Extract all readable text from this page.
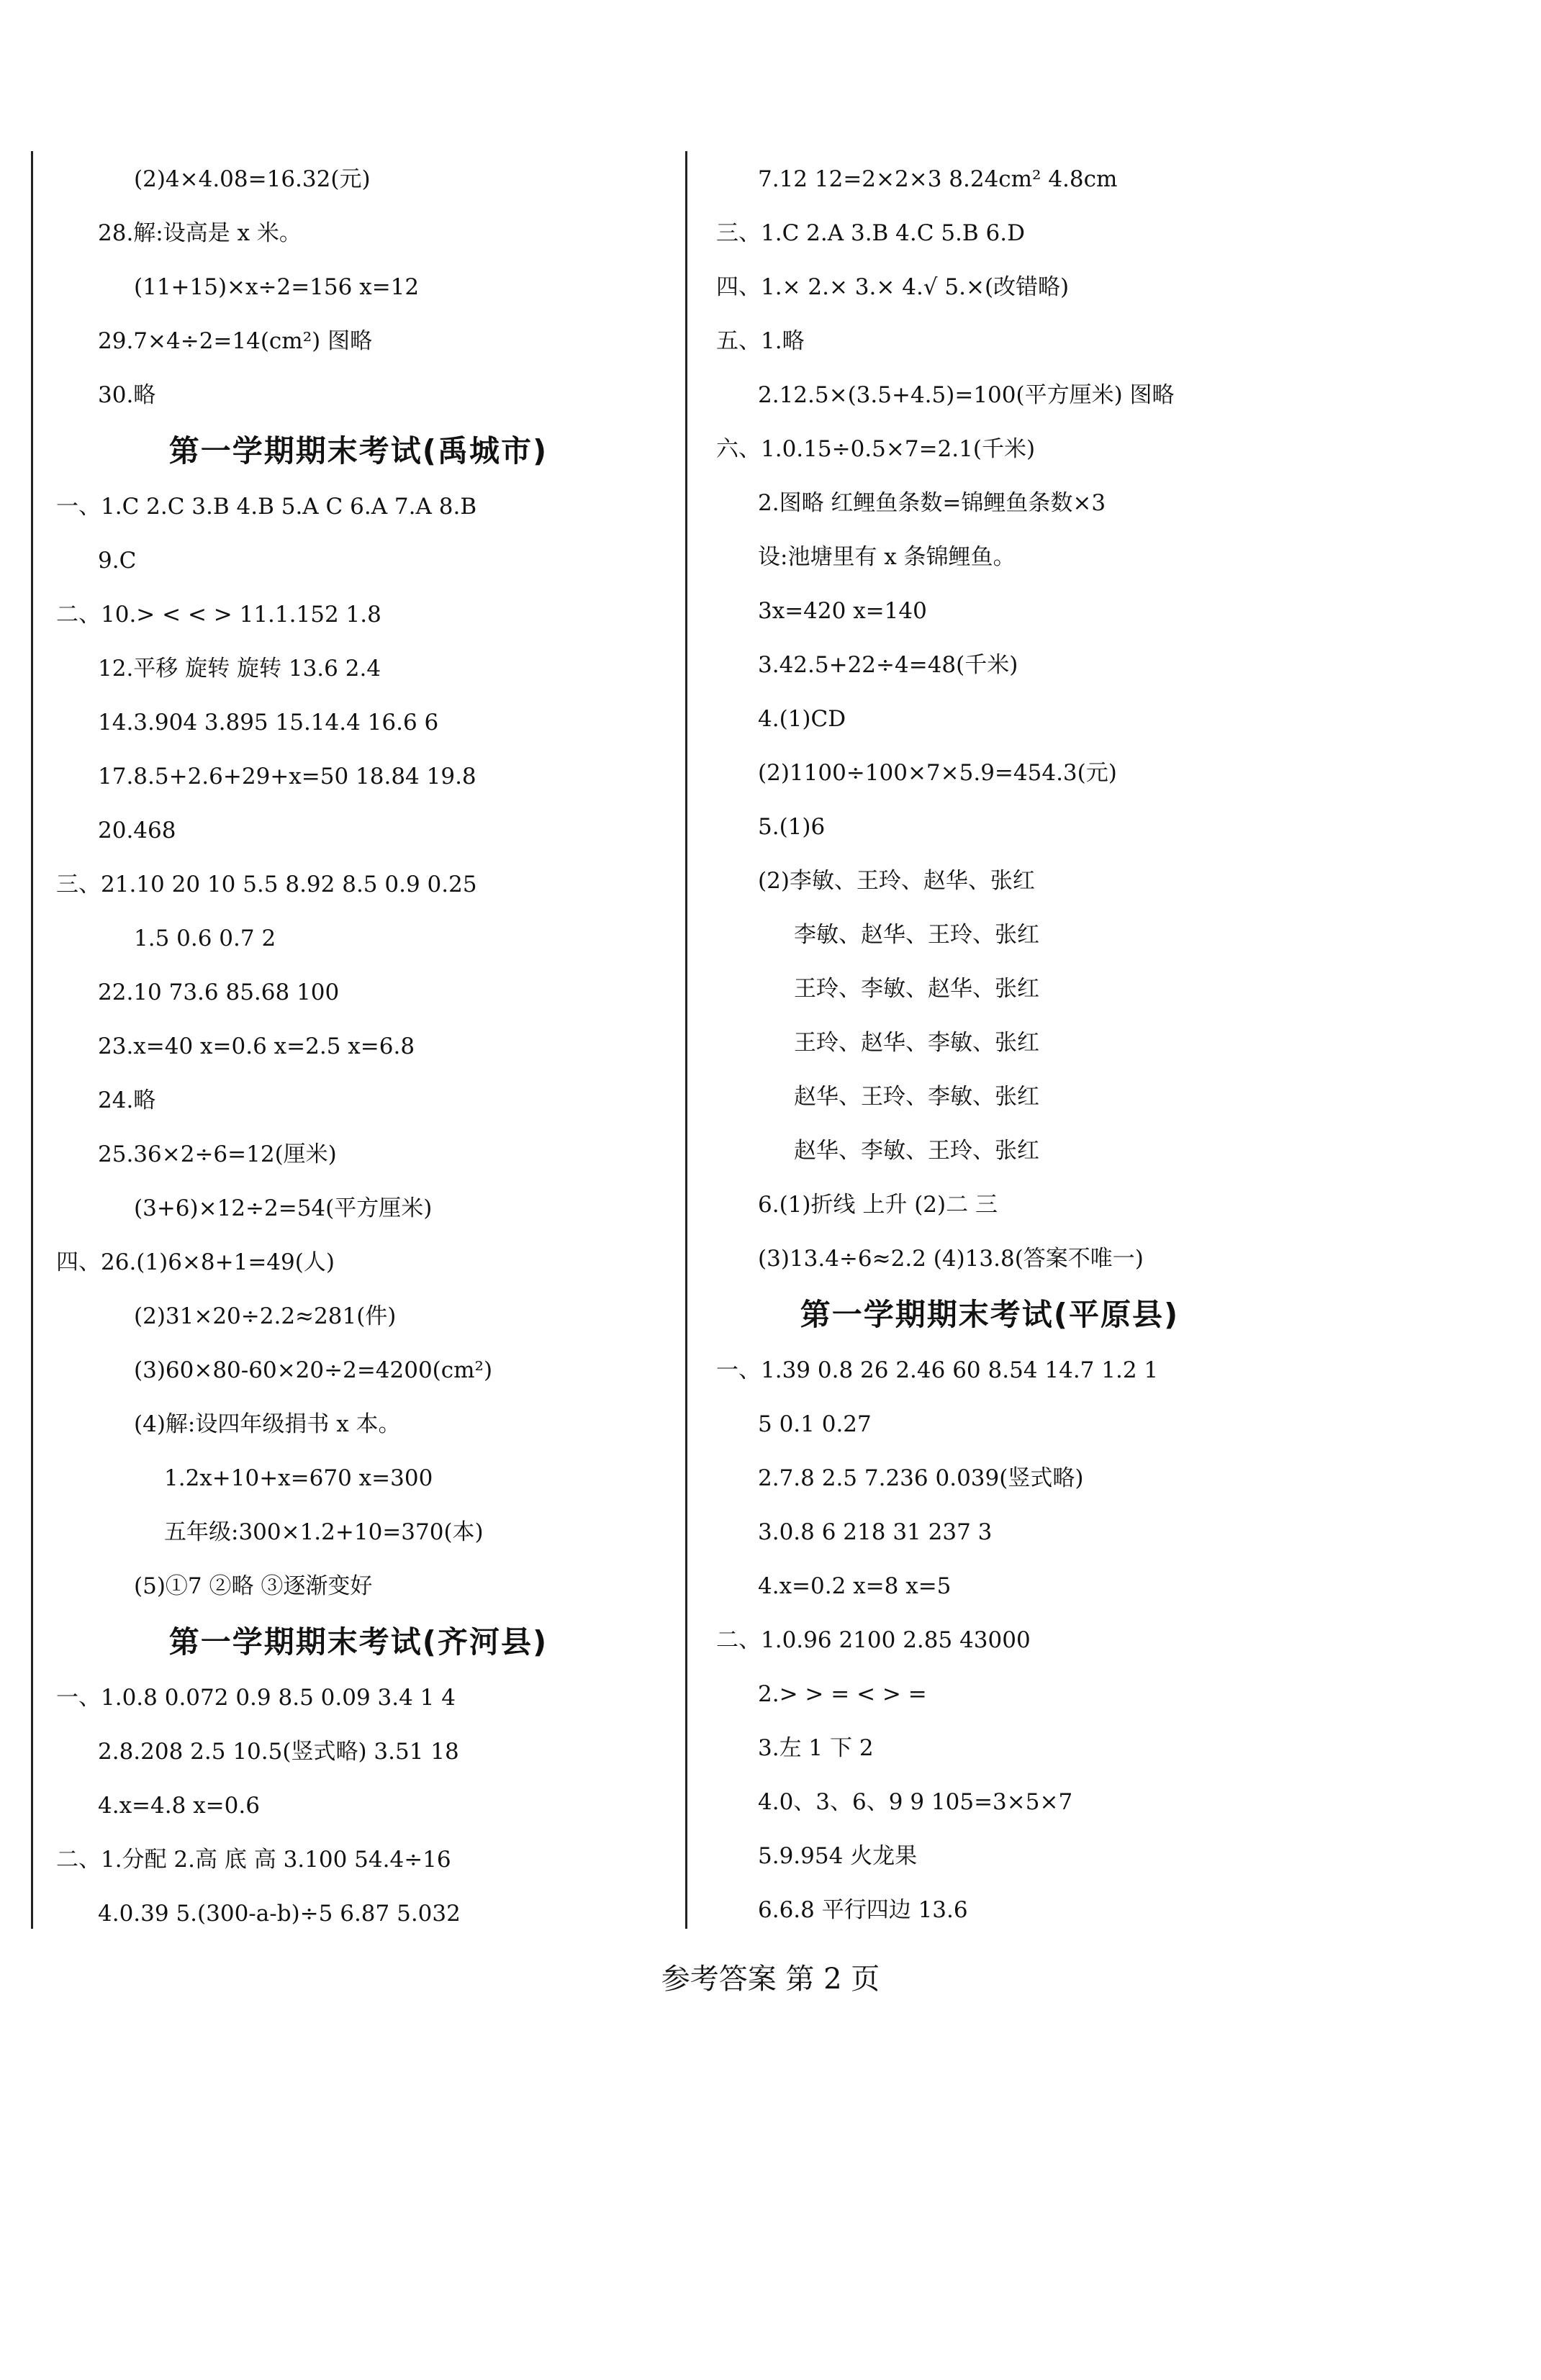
(2)4×4.08=16.32(元)
28.解:设高是 x 米。
(11+15)×x÷2=156 x=12
29.7×4÷2=14(cm²) 图略
30.略
第一学期期末考试(禹城市)
一、1.C 2.C 3.B 4.B 5.A C 6.A 7.A 8.B
9.C
二、10.> < < > 11.1.152 1.8
12.平移 旋转 旋转 13.6 2.4
14.3.904 3.895 15.14.4 16.6 6
17.8.5+2.6+29+x=50 18.84 19.8
20.468
三、21.10 20 10 5.5 8.92 8.5 0.9 0.25
1.5 0.6 0.7 2
22.10 73.6 85.68 100
23.x=40 x=0.6 x=2.5 x=6.8
24.略
25.36×2÷6=12(厘米)
(3+6)×12÷2=54(平方厘米)
四、26.(1)6×8+1=49(人)
(2)31×20÷2.2≈281(件)
(3)60×80-60×20÷2=4200(cm²)
(4)解:设四年级捐书 x 本。
1.2x+10+x=670 x=300
五年级:300×1.2+10=370(本)
(5)①7 ②略 ③逐渐变好
第一学期期末考试(齐河县)
一、1.0.8 0.072 0.9 8.5 0.09 3.4 1 4
2.8.208 2.5 10.5(竖式略) 3.51 18
4.x=4.8 x=0.6
二、1.分配 2.高 底 高 3.100 54.4÷16
4.0.39 5.(300-a-b)÷5 6.87 5.032
7.12 12=2×2×3 8.24cm² 4.8cm
三、1.C 2.A 3.B 4.C 5.B 6.D
四、1.× 2.× 3.× 4.√ 5.×(改错略)
五、1.略
2.12.5×(3.5+4.5)=100(平方厘米) 图略
六、1.0.15÷0.5×7=2.1(千米)
2.图略 红鲤鱼条数=锦鲤鱼条数×3
设:池塘里有 x 条锦鲤鱼。
3x=420 x=140
3.42.5+22÷4=48(千米)
4.(1)CD
(2)1100÷100×7×5.9=454.3(元)
5.(1)6
(2)李敏、王玲、赵华、张红
李敏、赵华、王玲、张红
王玲、李敏、赵华、张红
王玲、赵华、李敏、张红
赵华、王玲、李敏、张红
赵华、李敏、王玲、张红
6.(1)折线 上升 (2)二 三
(3)13.4÷6≈2.2 (4)13.8(答案不唯一)
第一学期期末考试(平原县)
一、1.39 0.8 26 2.46 60 8.54 14.7 1.2 1
5 0.1 0.27
2.7.8 2.5 7.236 0.039(竖式略)
3.0.8 6 218 31 237 3
4.x=0.2 x=8 x=5
二、1.0.96 2100 2.85 43000
2.> > = < > =
3.左 1 下 2
4.0、3、6、9 9 105=3×5×7
5.9.954 火龙果
6.6.8 平行四边 13.6
参考答案 第 2 页
